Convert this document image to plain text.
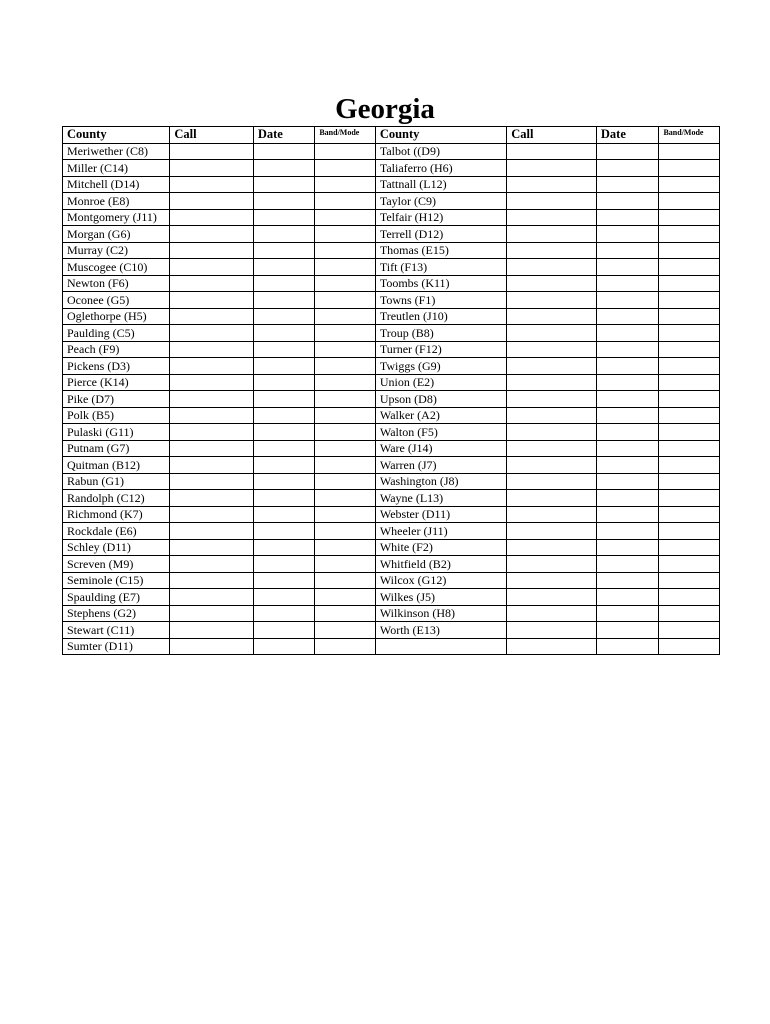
Georgia
County	Call	Date	Band/Mode	County	Call	Date	Band/Mode
Meriwether (C8)				Talbot ((D9)			
Miller (C14)				Taliaferro (H6)			
Mitchell (D14)				Tattnall (L12)			
Monroe (E8)				Taylor (C9)			
Montgomery (J11)				Telfair (H12)			
Morgan (G6)				Terrell (D12)			
Murray (C2)				Thomas (E15)			
Muscogee (C10)				Tift (F13)			
Newton (F6)				Toombs (K11)			
Oconee (G5)				Towns (F1)			
Oglethorpe (H5)				Treutlen (J10)			
Paulding (C5)				Troup (B8)			
Peach (F9)				Turner (F12)			
Pickens (D3)				Twiggs (G9)			
Pierce (K14)				Union (E2)			
Pike (D7)				Upson (D8)			
Polk (B5)				Walker (A2)			
Pulaski (G11)				Walton (F5)			
Putnam (G7)				Ware (J14)			
Quitman (B12)				Warren (J7)			
Rabun (G1)				Washington (J8)			
Randolph (C12)				Wayne (L13)			
Richmond (K7)				Webster (D11)			
Rockdale (E6)				Wheeler (J11)			
Schley (D11)				White (F2)			
Screven (M9)				Whitfield (B2)			
Seminole (C15)				Wilcox (G12)			
Spaulding (E7)				Wilkes (J5)			
Stephens (G2)				Wilkinson (H8)			
Stewart (C11)				Worth (E13)			
Sumter (D11)							
